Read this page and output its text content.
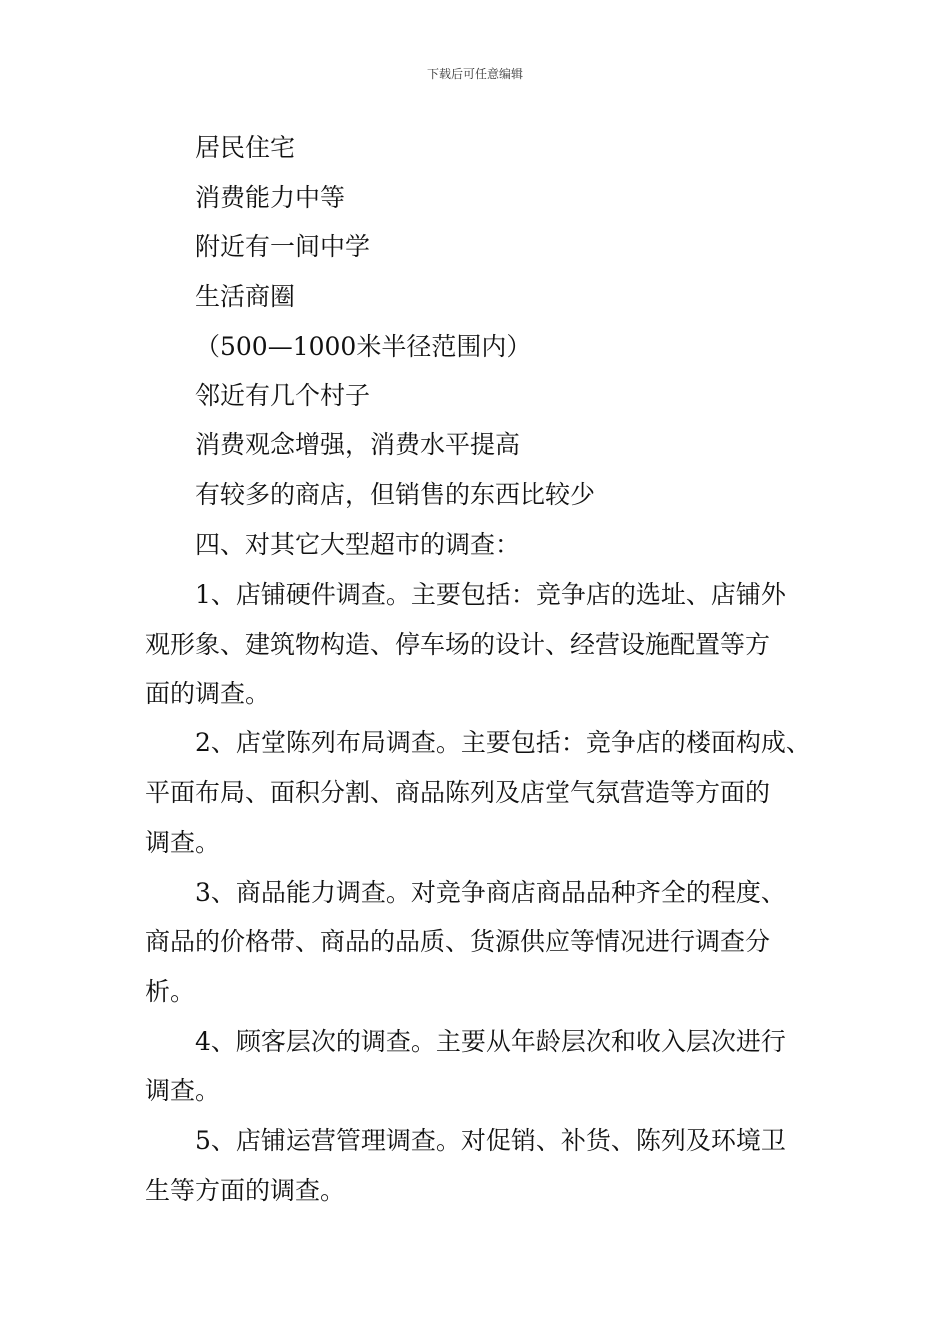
下载后可任意编辑
居民住宅
消费能力中等
附近有一间中学
生活商圈
（500—1000米半径范围内）
邻近有几个村子
消费观念增强，消费水平提高
有较多的商店，但销售的东西比较少
四、对其它大型超市的调查：
1、店铺硬件调查。主要包括：竞争店的选址、店铺外
观形象、建筑物构造、停车场的设计、经营设施配置等方
面的调查。
2、店堂陈列布局调查。主要包括：竞争店的楼面构成、
平面布局、面积分割、商品陈列及店堂气氛营造等方面的
调查。
3、商品能力调查。对竞争商店商品品种齐全的程度、
商品的价格带、商品的品质、货源供应等情况进行调查分
析。
4、顾客层次的调查。主要从年龄层次和收入层次进行
调查。
5、店铺运营管理调查。对促销、补货、陈列及环境卫
生等方面的调查。
